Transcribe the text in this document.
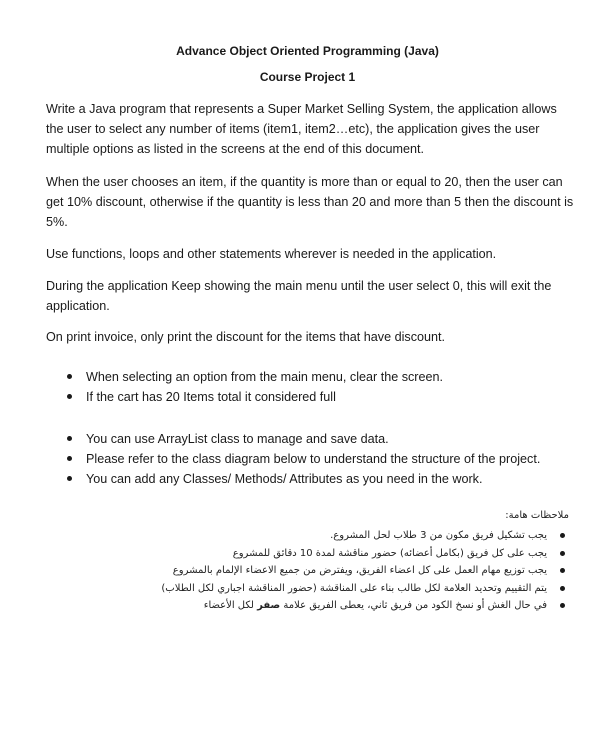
Advance Object Oriented Programming (Java)
Course Project 1

Write a Java program that represents a Super Market Selling System, the application allows the user to select any number of items (item1, item2…etc), the application gives the user multiple options as listed in the screens at the end of this document.

When the user chooses an item, if the quantity is more than or equal to 20, then the user can get 10% discount, otherwise if the quantity is less than 20 and more than 5 then the discount is 5%.

Use functions, loops and other statements wherever is needed in the application.

During the application Keep showing the main menu until the user select 0, this will exit the application.

On print invoice, only print the discount for the items that have discount.

When selecting an option from the main menu, clear the screen.
If the cart has 20 Items total it considered full
You can use ArrayList class to manage and save data.
Please refer to the class diagram below to understand the structure of the project.
You can add any Classes/ Methods/ Attributes as you need in the work.
ملاحظات هامة:
يجب تشكيل فريق مكون من 3 طلاب لحل المشروع.
يجب على كل فريق (بكامل أعضائه) حضور مناقشة لمدة 10 دقائق للمشروع
يجب توزيع مهام العمل على كل اعضاء الفريق، ويفترض من جميع الاعضاء الإلمام بالمشروع
يتم التقييم وتحديد العلامة لكل طالب بناء على المناقشة (حضور المناقشة اجباري لكل الطلاب)
في حال الغش أو نسخ الكود من فريق ثاني، يعطى الفريق علامة صفر لكل الأعضاء
